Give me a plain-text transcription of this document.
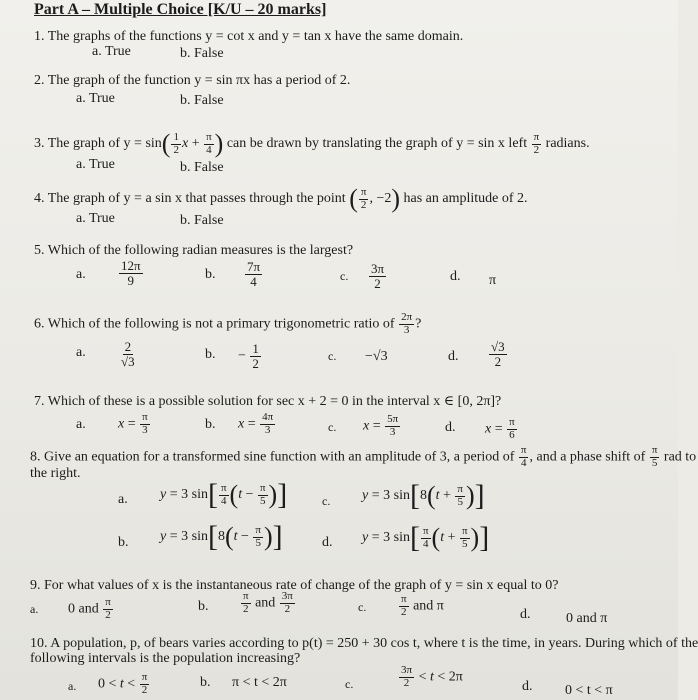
Part A – Multiple Choice [K/U – 20 marks]
1. The graphs of the functions y = cot x and y = tan x have the same domain.
a. True	b. False
2. The graph of the function y = sin πx has a period of 2.
a. True	b. False
3. The graph of $y = \sin( \frac{1}{2}$ $x + \frac{\pi}{4}$ ) can be drawn by translating the graph of y = sin x left $\frac{\pi}{2}$ radians.
a. True	b. False
4. The graph of y = a sin x that passes through the point ( $\frac{\pi}{2}$ , −2) has an amplitude of 2.
a. True	b. False
5. Which of the following radian measures is the largest?
a.	$\frac{12\pi}{9}$	b. $\frac{7\pi}{4}$	c. $\frac{3\pi}{2}$	d. π
6. Which of the following is not a primary trigonometric ratio of $\frac{2\pi}{3}$ ?
a.	$\frac{2}{√3}$	b. − $\frac{1}{2}$	c. −√3	d. $\frac{√3}{2}$
7. Which of these is a possible solution for sec x + 2 = 0 in the interval x ∈ [0, 2π]?
a. $x = \frac{\pi}{3}$	b. $x = \frac{4\pi}{3}$	c. $x = \frac{5\pi}{3}$	d. $x = \frac{\pi}{6}$
8. Give an equation for a transformed sine function with an amplitude of 3, a period of $\frac{\pi}{4}$ , and a phase shift of $\frac{\pi}{5}$ rad to
the right.
a. y = 3 $\sin[ \frac{\pi}{4} (t - \frac{\pi}{5}$ )]	c. y = 3 $\sin[8(t + \frac{\pi}{5}$ )]
b. y = 3 $\sin[8(t - \frac{\pi}{5}$ )]	d. y = 3 $\sin[ \frac{\pi}{4} (t + \frac{\pi}{5}$ )]
9. For what values of x is the instantaneous rate of change of the graph of y = sin x equal to 0?
a. 0 and $\frac{\pi}{2}$	b.	$\frac{\pi}{2}$ and $\frac{3\pi}{2}$	c.	$\frac{\pi}{2}$ and π
d.	0 and π
10. A population, p, of bears varies according to p(t) = 250 + 30 cos t, where t is the time, in years. During which of the
following intervals is the population increasing?
a. $0 < t < \frac{\pi}{2}$	b. π < t < 2π	c.	$\frac{3\pi}{2} < t < 2\pi$
d. 0 < t < π
